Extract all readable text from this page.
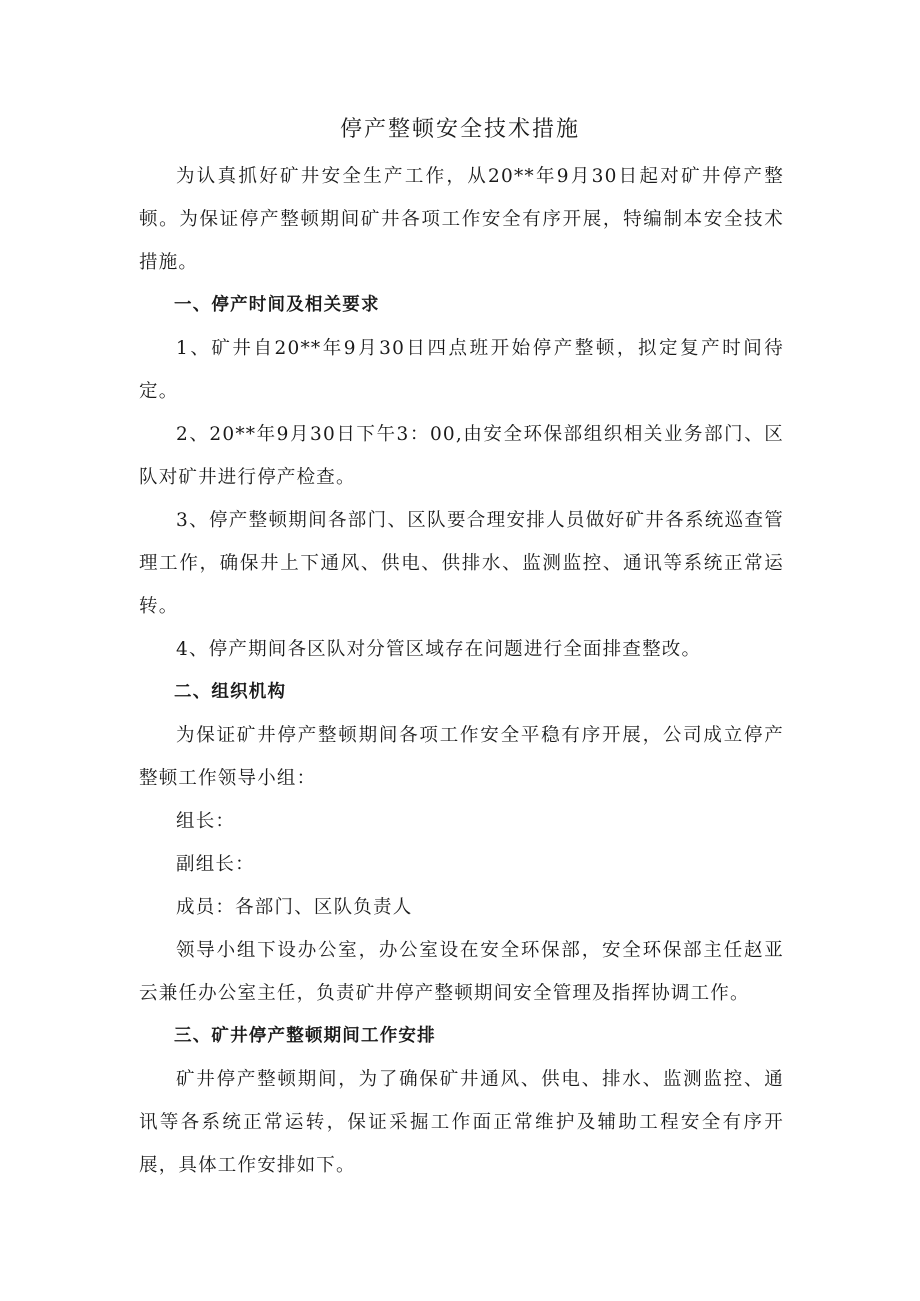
停产整顿安全技术措施

为认真抓好矿井安全生产工作，从20**年9月30日起对矿井停产整顿。为保证停产整顿期间矿井各项工作安全有序开展，特编制本安全技术措施。

一、停产时间及相关要求

1、矿井自20**年9月30日四点班开始停产整顿，拟定复产时间待定。

2、20**年9月30日下午3：00,由安全环保部组织相关业务部门、区队对矿井进行停产检查。

3、停产整顿期间各部门、区队要合理安排人员做好矿井各系统巡查管理工作，确保井上下通风、供电、供排水、监测监控、通讯等系统正常运转。

4、停产期间各区队对分管区域存在问题进行全面排查整改。

二、组织机构

为保证矿井停产整顿期间各项工作安全平稳有序开展，公司成立停产整顿工作领导小组：

组长：

副组长：

成员：各部门、区队负责人

领导小组下设办公室，办公室设在安全环保部，安全环保部主任赵亚云兼任办公室主任，负责矿井停产整顿期间安全管理及指挥协调工作。

三、矿井停产整顿期间工作安排

矿井停产整顿期间，为了确保矿井通风、供电、排水、监测监控、通讯等各系统正常运转，保证采掘工作面正常维护及辅助工程安全有序开展，具体工作安排如下。
